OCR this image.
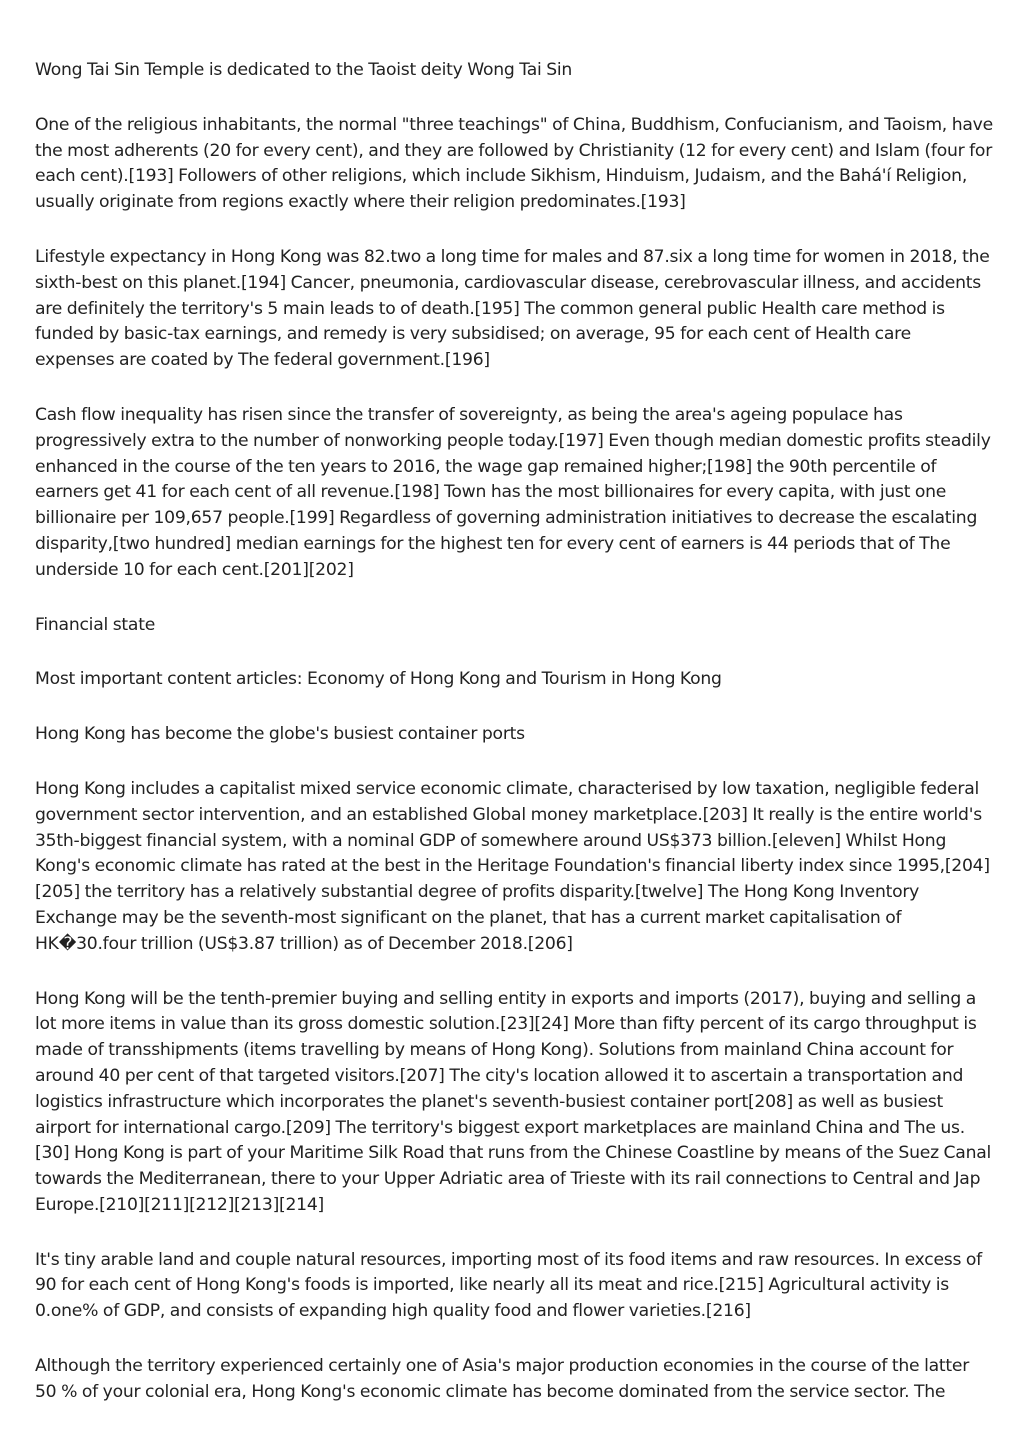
Wong Tai Sin Temple is dedicated to the Taoist deity Wong Tai Sin

One of the religious inhabitants, the normal "three teachings" of China, Buddhism, Confucianism, and Taoism, have the most adherents (20 for every cent), and they are followed by Christianity (12 for every cent) and Islam (four for each cent).[193] Followers of other religions, which include Sikhism, Hinduism, Judaism, and the Bahá'í Religion, usually originate from regions exactly where their religion predominates.[193]

Lifestyle expectancy in Hong Kong was 82.two a long time for males and 87.six a long time for women in 2018, the sixth-best on this planet.[194] Cancer, pneumonia, cardiovascular disease, cerebrovascular illness, and accidents are definitely the territory's 5 main leads to of death.[195] The common general public Health care method is funded by basic-tax earnings, and remedy is very subsidised; on average, 95 for each cent of Health care expenses are coated by The federal government.[196]

Cash flow inequality has risen since the transfer of sovereignty, as being the area's ageing populace has progressively extra to the number of nonworking people today.[197] Even though median domestic profits steadily enhanced in the course of the ten years to 2016, the wage gap remained higher;[198] the 90th percentile of earners get 41 for each cent of all revenue.[198] Town has the most billionaires for every capita, with just one billionaire per 109,657 people.[199] Regardless of governing administration initiatives to decrease the escalating disparity,[two hundred] median earnings for the highest ten for every cent of earners is 44 periods that of The underside 10 for each cent.[201][202]

Financial state

Most important content articles: Economy of Hong Kong and Tourism in Hong Kong

Hong Kong has become the globe's busiest container ports

Hong Kong includes a capitalist mixed service economic climate, characterised by low taxation, negligible federal government sector intervention, and an established Global money marketplace.[203] It really is the entire world's 35th-biggest financial system, with a nominal GDP of somewhere around US$373 billion.[eleven] Whilst Hong Kong's economic climate has rated at the best in the Heritage Foundation's financial liberty index since 1995,[204][205] the territory has a relatively substantial degree of profits disparity.[twelve] The Hong Kong Inventory Exchange may be the seventh-most significant on the planet, that has a current market capitalisation of HK�30.four trillion (US$3.87 trillion) as of December 2018.[206]

Hong Kong will be the tenth-premier buying and selling entity in exports and imports (2017), buying and selling a lot more items in value than its gross domestic solution.[23][24] More than fifty percent of its cargo throughput is made of transshipments (items travelling by means of Hong Kong). Solutions from mainland China account for around 40 per cent of that targeted visitors.[207] The city's location allowed it to ascertain a transportation and logistics infrastructure which incorporates the planet's seventh-busiest container port[208] as well as busiest airport for international cargo.[209] The territory's biggest export marketplaces are mainland China and The us.[30] Hong Kong is part of your Maritime Silk Road that runs from the Chinese Coastline by means of the Suez Canal towards the Mediterranean, there to your Upper Adriatic area of Trieste with its rail connections to Central and Jap Europe.[210][211][212][213][214]

It's tiny arable land and couple natural resources, importing most of its food items and raw resources. In excess of 90 for each cent of Hong Kong's foods is imported, like nearly all its meat and rice.[215] Agricultural activity is 0.one% of GDP, and consists of expanding high quality food and flower varieties.[216]

Although the territory experienced certainly one of Asia's major production economies in the course of the latter 50 % of your colonial era, Hong Kong's economic climate has become dominated from the service sector. The
